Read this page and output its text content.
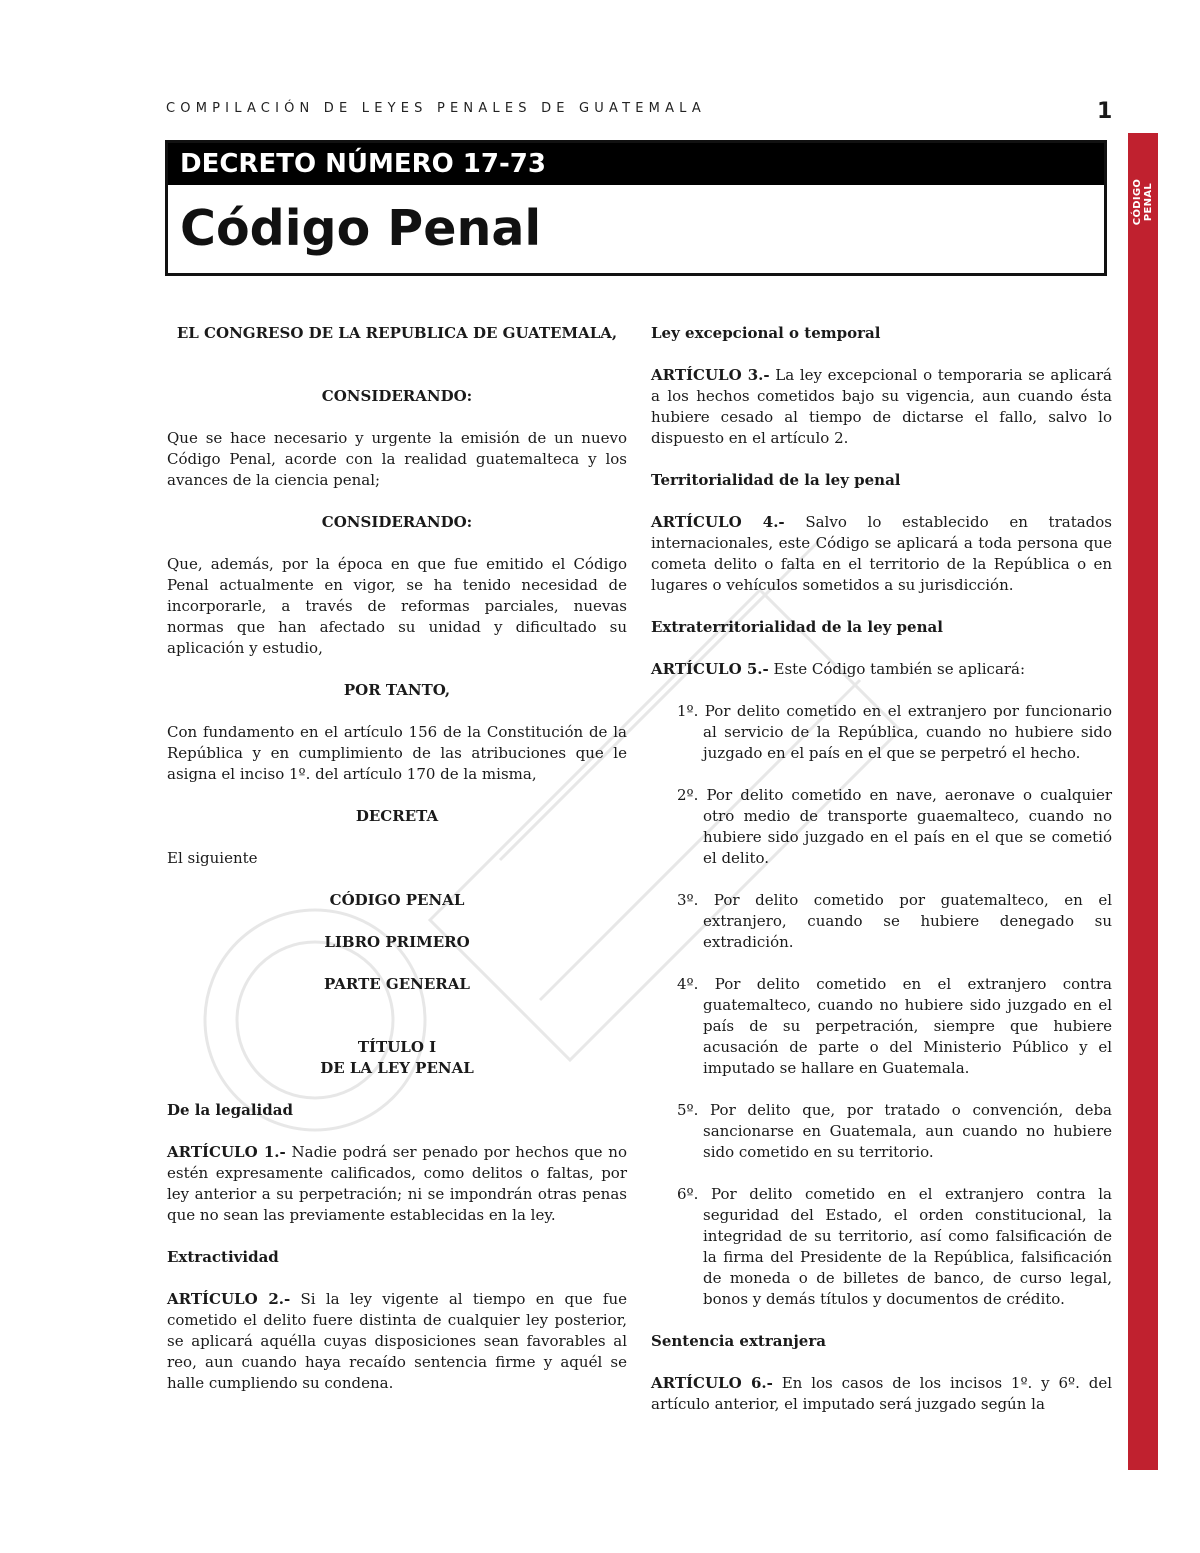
COMPILACIÓN DE LEYES PENALES DE GUATEMALA	1
CÓDIGO PENAL
DECRETO NÚMERO 17-73
Código Penal
EL CONGRESO DE LA REPUBLICA DE GUATEMALA,
CONSIDERANDO:

Que se hace necesario y urgente la emisión de un nuevo Código Penal, acorde con la realidad guatemalteca y los avances de la ciencia penal;

CONSIDERANDO:

Que, además, por la época en que fue emitido el Código Penal actualmente en vigor, se ha tenido necesidad de incorporarle, a través de reformas parciales, nuevas normas que han afectado su unidad y dificultado su aplicación y estudio,

POR TANTO,

Con fundamento en el artículo 156 de la Constitución de la República y en cumplimiento de las atribuciones que le asigna el inciso 1º. del artículo 170 de la misma,

DECRETA

El siguiente

CÓDIGO PENAL
LIBRO PRIMERO
PARTE GENERAL
TÍTULO I
DE LA LEY PENAL
De la legalidad

ARTÍCULO 1.- Nadie podrá ser penado por hechos que no estén expresamente calificados, como delitos o faltas, por ley anterior a su perpetración; ni se impondrán otras penas que no sean las previamente establecidas en la ley.

Extractividad

ARTÍCULO 2.- Si la ley vigente al tiempo en que fue cometido el delito fuere distinta de cualquier ley posterior, se aplicará aquélla cuyas disposiciones sean favorables al reo, aun cuando haya recaído sentencia firme y aquél se halle cumpliendo su condena.

Ley excepcional o temporal

ARTÍCULO 3.- La ley excepcional o temporaria se aplicará a los hechos cometidos bajo su vigencia, aun cuando ésta hubiere cesado al tiempo de dictarse el fallo, salvo lo dispuesto en el artículo 2.

Territorialidad de la ley penal

ARTÍCULO 4.- Salvo lo establecido en tratados internacionales, este Código se aplicará a toda persona que cometa delito o falta en el territorio de la República o en lugares o vehículos sometidos a su jurisdicción.

Extraterritorialidad de la ley penal

ARTÍCULO 5.- Este Código también se aplicará:

1º. Por delito cometido en el extranjero por funcionario al servicio de la República, cuando no hubiere sido juzgado en el país en el que se perpetró el hecho.

2º. Por delito cometido en nave, aeronave o cualquier otro medio de transporte guaemalteco, cuando no hubiere sido juzgado en el país en el que se cometió el delito.

3º. Por delito cometido por guatemalteco, en el extranjero, cuando se hubiere denegado su extradición.

4º. Por delito cometido en el extranjero contra guatemalteco, cuando no hubiere sido juzgado en el país de su perpetración, siempre que hubiere acusación de parte o del Ministerio Público y el imputado se hallare en Guatemala.

5º. Por delito que, por tratado o convención, deba sancionarse en Guatemala, aun cuando no hubiere sido cometido en su territorio.

6º. Por delito cometido en el extranjero contra la seguridad del Estado, el orden constitucional, la integridad de su territorio, así como falsificación de la firma del Presidente de la República, falsificación de moneda o de billetes de banco, de curso legal, bonos y demás títulos y documentos de crédito.

Sentencia extranjera

ARTÍCULO 6.- En los casos de los incisos 1º. y 6º. del artículo anterior, el imputado será juzgado según la
